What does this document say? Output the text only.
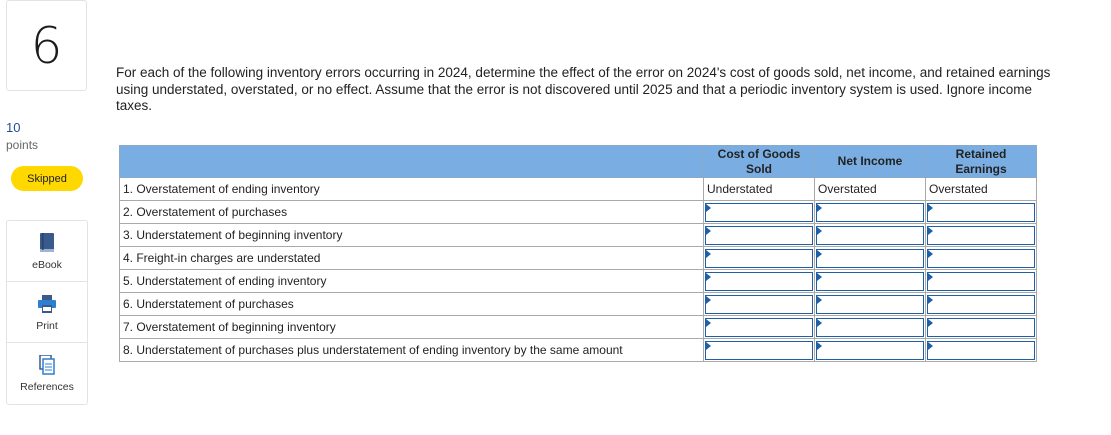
6
10
points
Skipped
eBook
Print
References
For each of the following inventory errors occurring in 2024, determine the effect of the error on 2024's cost of goods sold, net income, and retained earnings using understated, overstated, or no effect. Assume that the error is not discovered until 2025 and that a periodic inventory system is used. Ignore income taxes.
	Cost of Goods Sold	Net Income	Retained Earnings
1. Overstatement of ending inventory	Understated	Overstated	Overstated
2. Overstatement of purchases	

3. Understatement of beginning inventory	

4. Freight-in charges are understated	

5. Understatement of ending inventory	

6. Understatement of purchases	

7. Overstatement of beginning inventory	

8. Understatement of purchases plus understatement of ending inventory by the same amount	
